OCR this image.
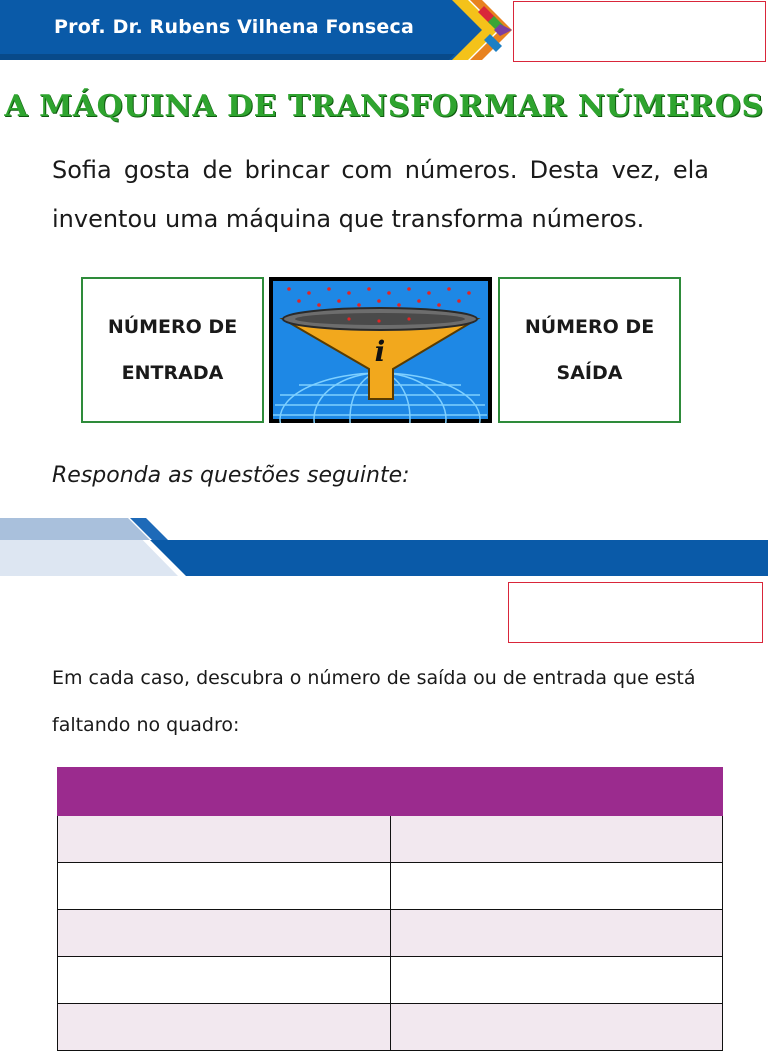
Prof. Dr. Rubens Vilhena Fonseca
A MÁQUINA DE TRANSFORMAR NÚMEROS

Sofia gosta de brincar com números. Desta vez, ela inventou uma máquina que transforma números.

NÚMERO DE
ENTRADA
i
NÚMERO DE
SAÍDA

Responda as questões seguinte:

Em cada caso, descubra o número de saída ou de entrada que está faltando no quadro:
